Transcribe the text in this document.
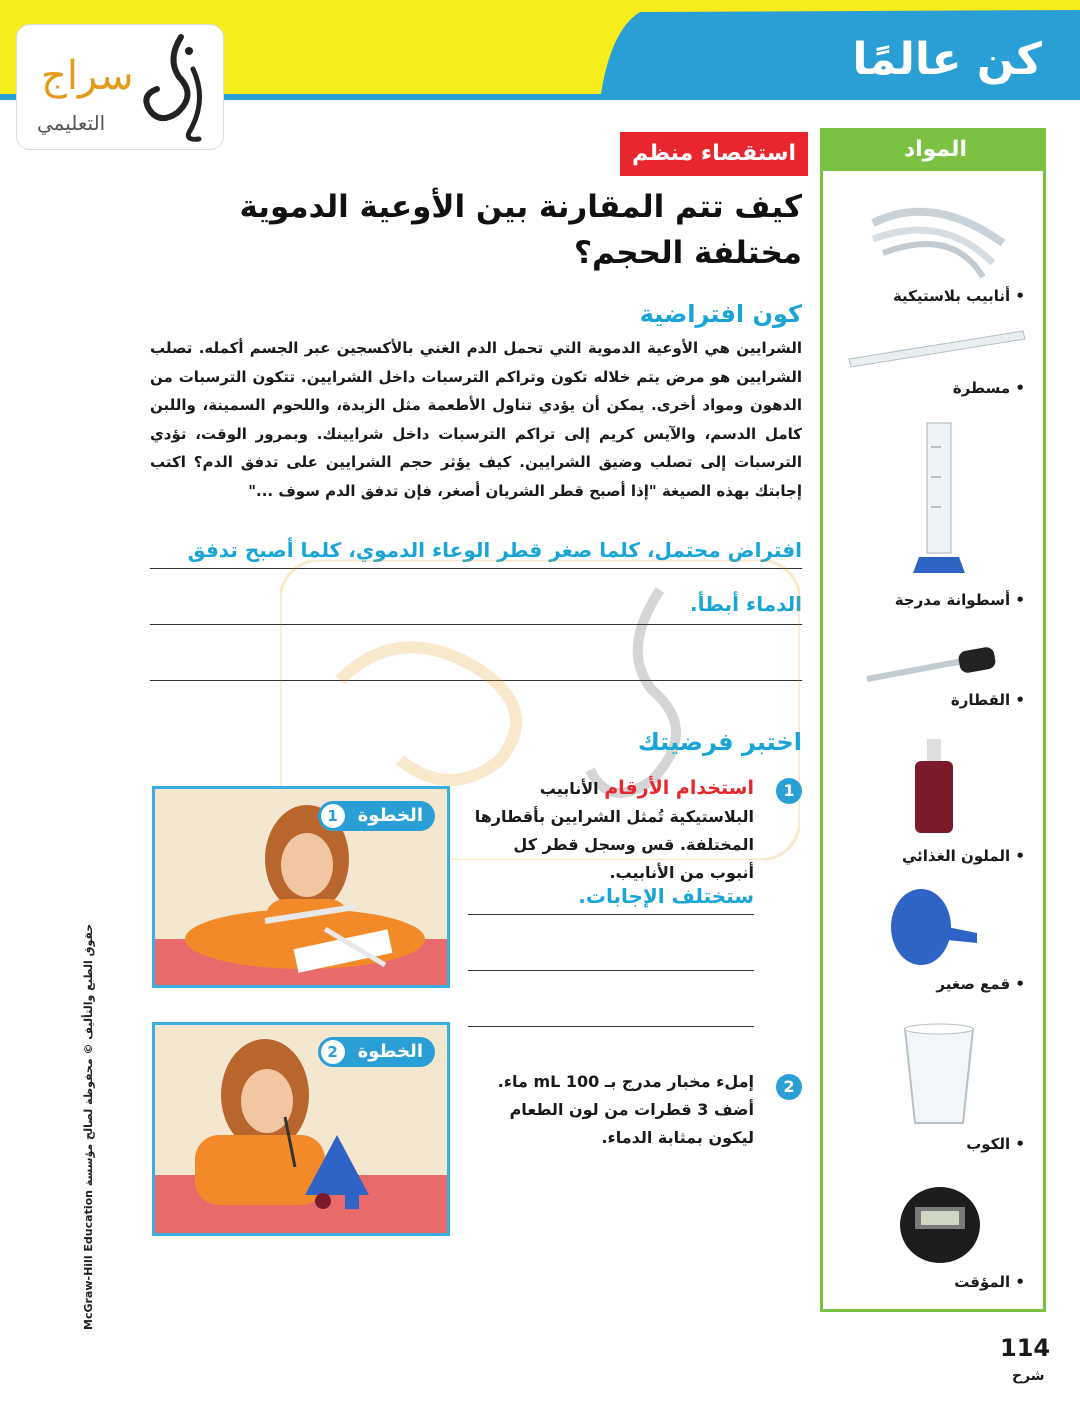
كن عالمًا
سراج
التعليمي
استقصاء منظم
كيف تتم المقارنة بين الأوعية الدموية مختلفة الحجم؟
كون افتراضية
الشرايين هي الأوعية الدموية التي تحمل الدم الغني بالأكسجين عبر الجسم أكمله. تصلب الشرايين هو مرض يتم خلاله تكون وتراكم الترسبات داخل الشرايين. تتكون الترسبات من الدهون ومواد أخرى. يمكن أن يؤدي تناول الأطعمة مثل الزبدة، واللحوم السمينة، واللبن كامل الدسم، والآيس كريم إلى تراكم الترسبات داخل شرايينك. وبمرور الوقت، تؤدي الترسبات إلى تصلب وضيق الشرايين. كيف يؤثر حجم الشرايين على تدفق الدم؟ اكتب إجابتك بهذه الصيغة "إذا أصبح قطر الشريان أصغر، فإن تدفق الدم سوف ..."
افتراض محتمل، كلما صغر قطر الوعاء الدموي، كلما أصبح تدفق
الدماء أبطأ.
اختبر فرضيتك
1
استخدام الأرقام الأنابيب البلاستيكية تُمثل الشرايين بأقطارها المختلفة. قس وسجل قطر كل أنبوب من الأنابيب.
ستختلف الإجابات.
2
إملء مخبار مدرج بـ 100 mL ماء. أضف 3 قطرات من لون الطعام ليكون بمثابة الدماء.
الخطوة
1
الخطوة
2
المواد
• أنابيب بلاستيكية
• مسطرة
• أسطوانة مدرجة
• القطارة
• الملون الغذائي
• قمع صغير
• الكوب
• المؤقت
حقوق الطبع والتأليف © محفوظة لصالح مؤسسة McGraw-Hill Education
114
شرح
